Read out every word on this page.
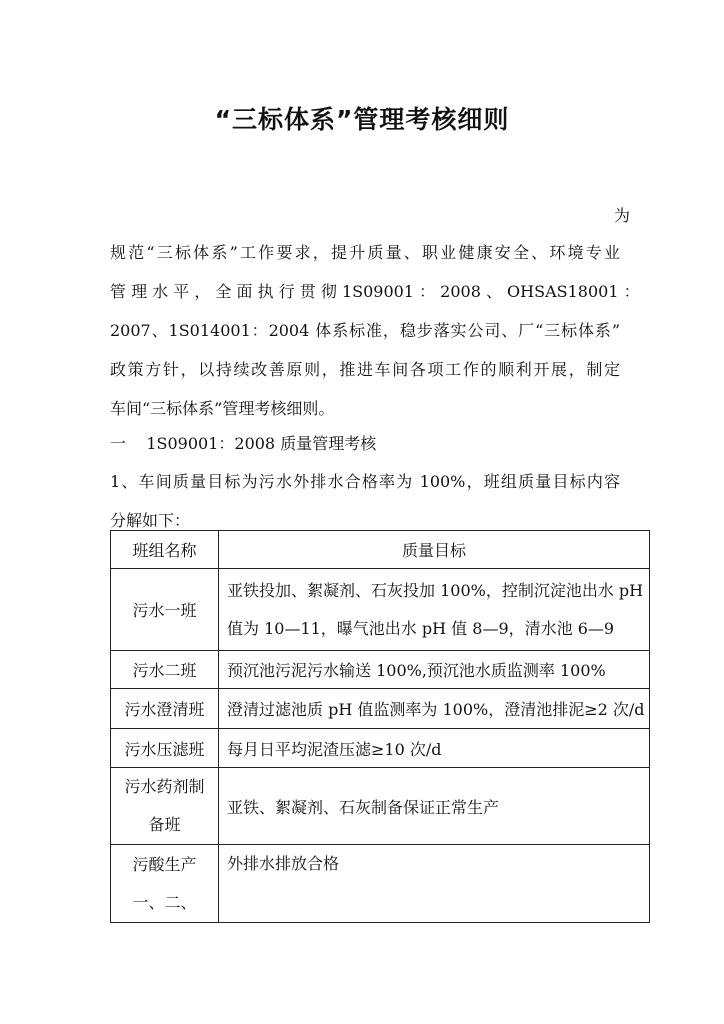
“三标体系”管理考核细则
为
规范“三标体系”工作要求，提升质量、职业健康安全、环境专业
管 理 水 平 ， 全 面 执 行 贯 彻 1S09001 ： 2008 、 OHSAS18001 ：
2007、1S014001：2004 体系标准，稳步落实公司、厂“三标体系”
政策方针，以持续改善原则，推进车间各项工作的顺利开展，制定
车间“三标体系”管理考核细则。
一    1S09001：2008 质量管理考核
1、车间质量目标为污水外排水合格率为 100%，班组质量目标内容
分解如下：
班组名称	质量目标
污水一班	亚铁投加、絮凝剂、石灰投加 100%，控制沉淀池出水 pH
值为 10—11，曝气池出水 pH 值 8—9，清水池 6—9

污水二班	预沉池污泥污水输送 100%,预沉池水质监测率 100%
污水澄清班	澄清过滤池质 pH 值监测率为 100%，澄清池排泥≥2 次/d
污水压滤班	每月日平均泥渣压滤≥10 次/d

污水药剂制
备班	亚铁、絮凝剂、石灰制备保证正常生产

污酸生产
一、二、	外排水排放合格
